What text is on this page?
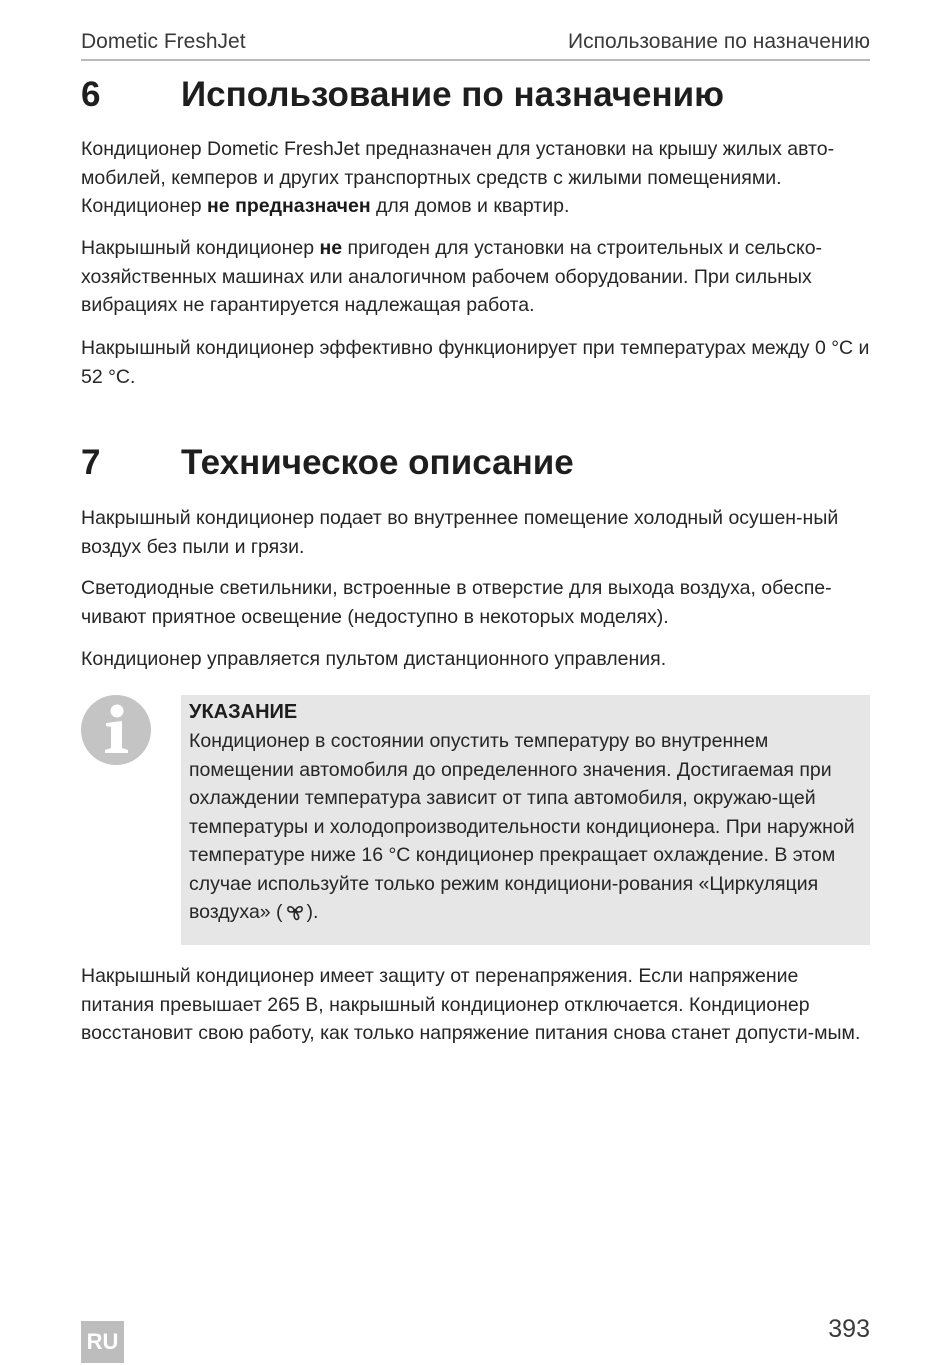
Dometic FreshJet	Использование по назначению
6 Использование по назначению

Кондиционер Dometic FreshJet предназначен для установки на крышу жилых авто-мобилей, кемперов и других транспортных средств с жилыми помещениями. Кондиционер не предназначен для домов и квартир.

Накрышный кондиционер не пригоден для установки на строительных и сельско-хозяйственных машинах или аналогичном рабочем оборудовании. При сильных вибрациях не гарантируется надлежащая работа.

Накрышный кондиционер эффективно функционирует при температурах между 0 °C и 52 °C.

7 Техническое описание

Накрышный кондиционер подает во внутреннее помещение холодный осушен-ный воздух без пыли и грязи.

Светодиодные светильники, встроенные в отверстие для выхода воздуха, обеспе-чивают приятное освещение (недоступно в некоторых моделях).

Кондиционер управляется пультом дистанционного управления.

УКАЗАНИЕ

Кондиционер в состоянии опустить температуру во внутреннем помещении автомобиля до определенного значения. Достигаемая при охлаждении температура зависит от типа автомобиля, окружаю-щей температуры и холодопроизводительности кондиционера. При наружной температуре ниже 16 °C кондиционер прекращает охлаждение. В этом случае используйте только режим кондициони-рования «Циркуляция воздуха» ( ).

Накрышный кондиционер имеет защиту от перенапряжения. Если напряжение питания превышает 265 В, накрышный кондиционер отключается. Кондиционер восстановит свою работу, как только напряжение питания снова станет допусти-мым.

RU	393
